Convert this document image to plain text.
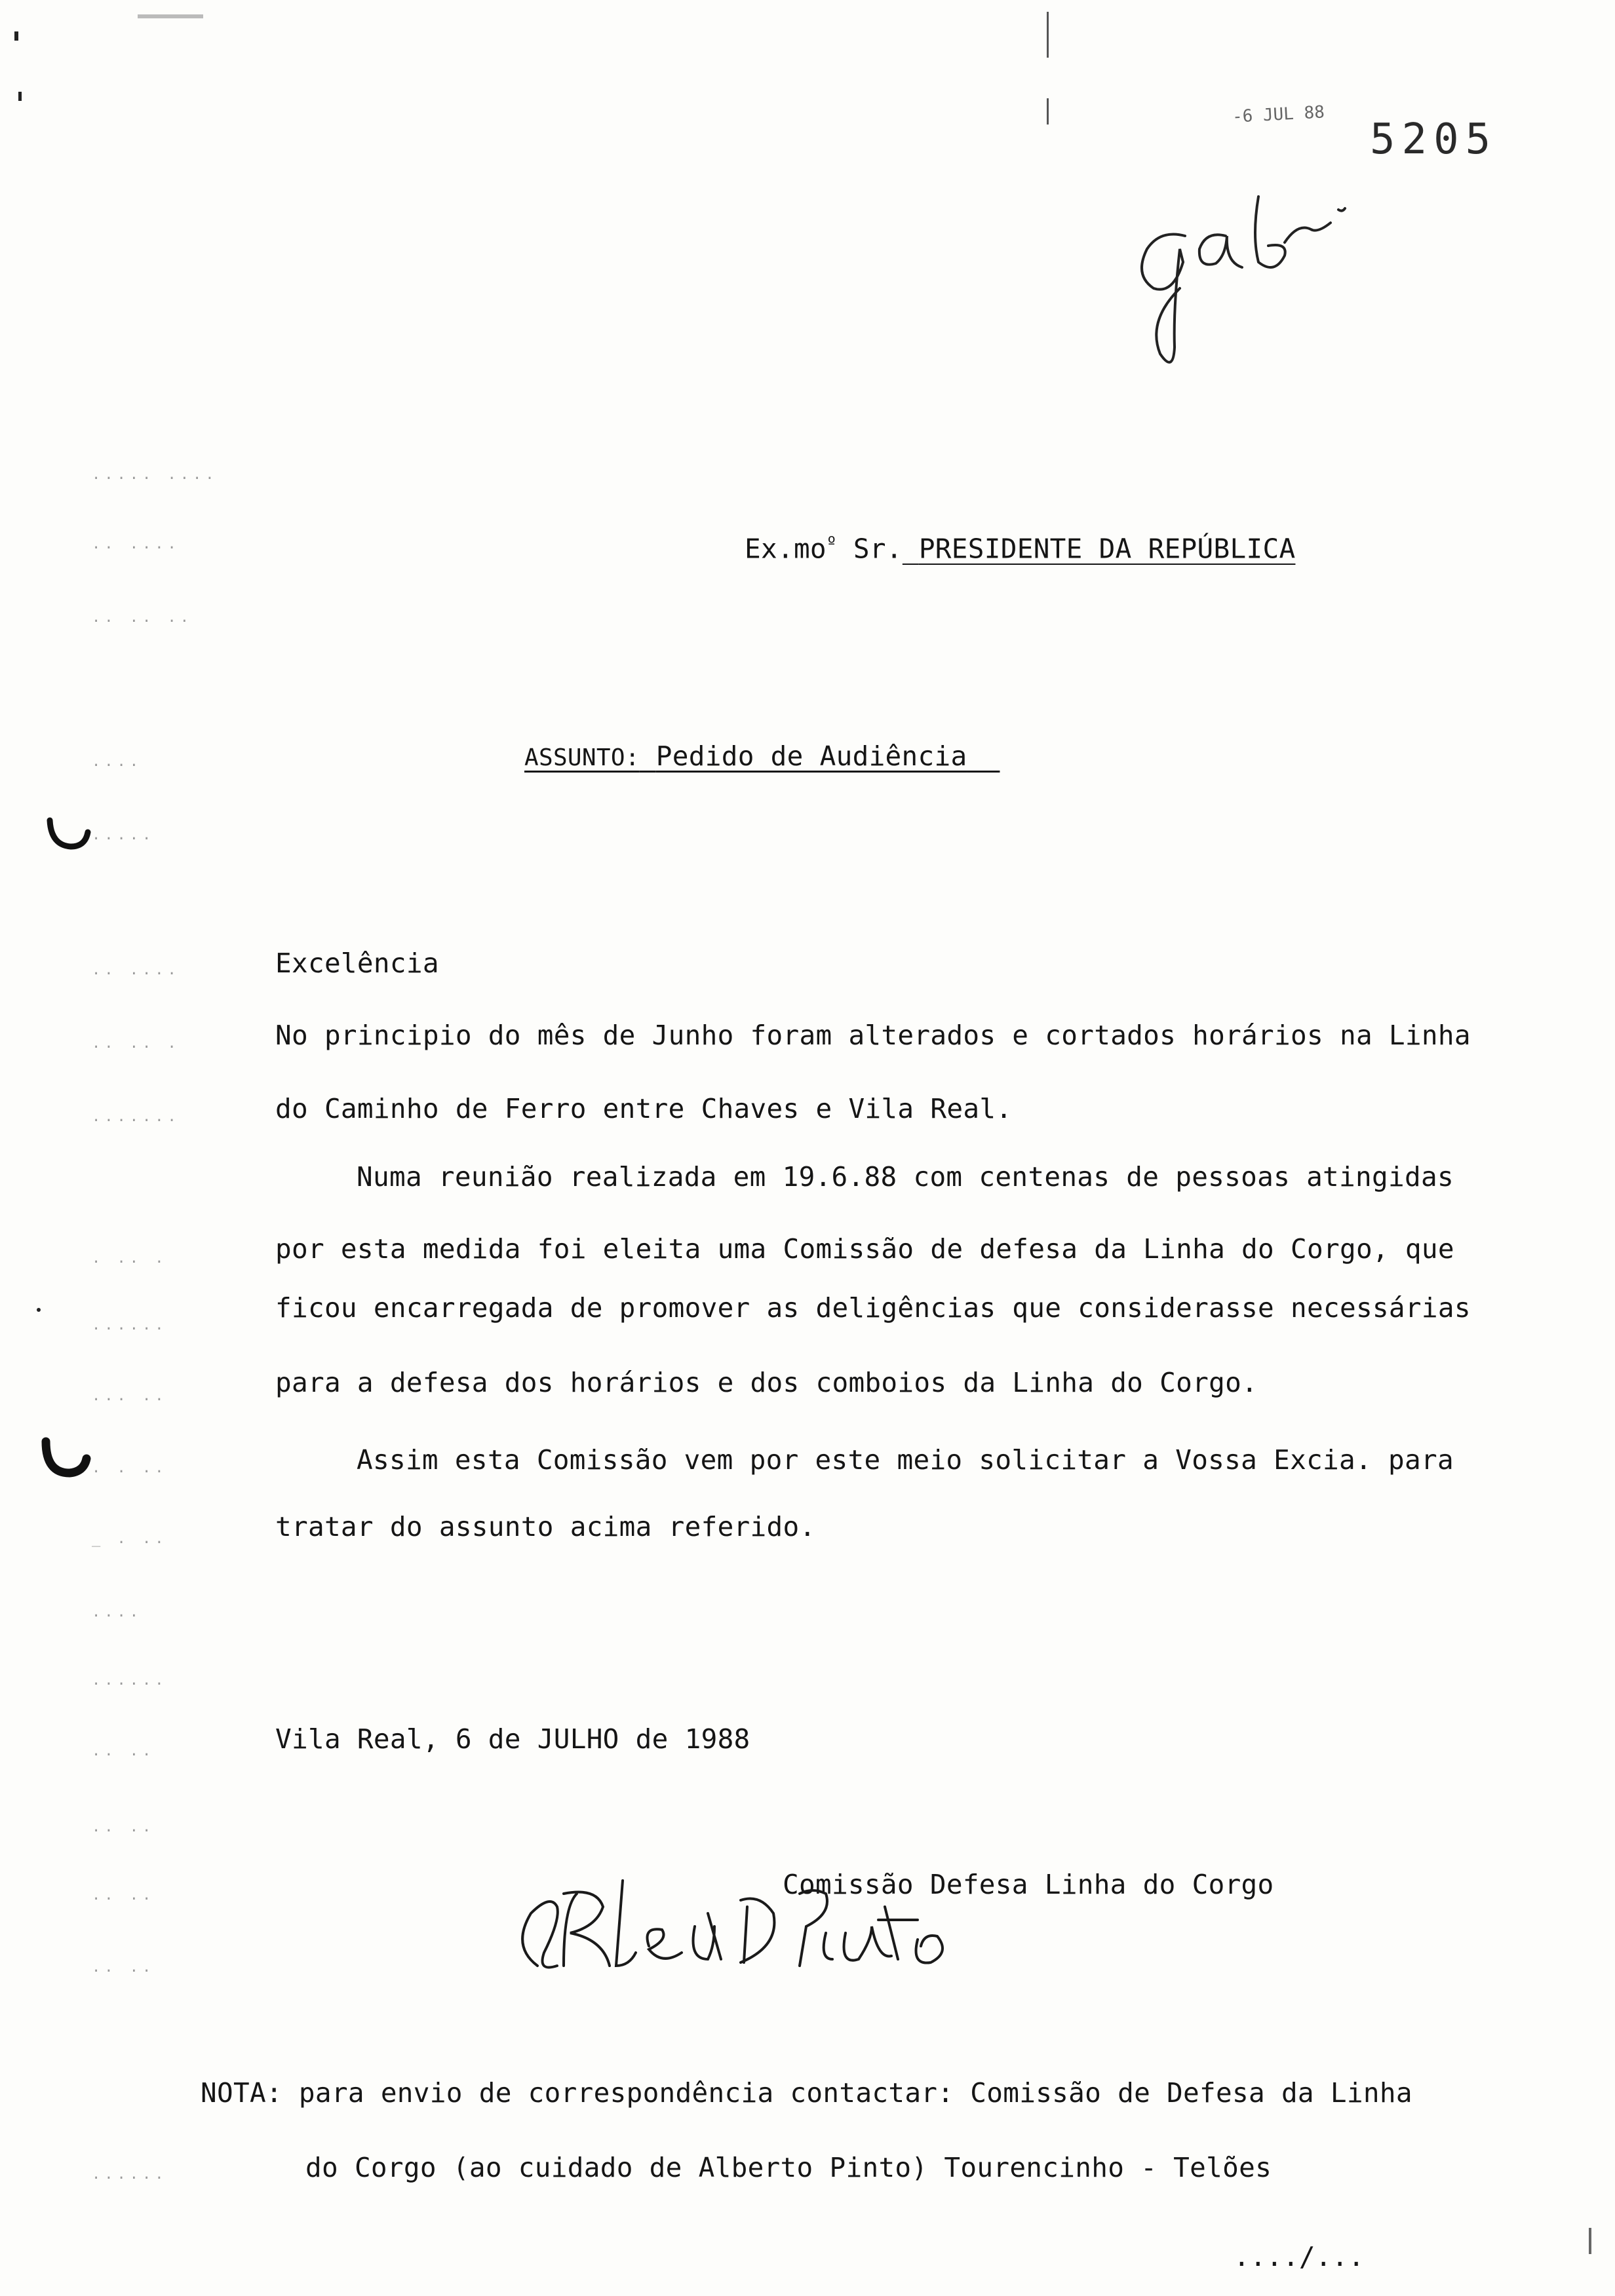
..... ....
.. ....
.. .. ..
....
.....
.. ....
.. .. .
.......
. .. .
......
... ..
. . ..
_ . ..
....
......
.. ..
.. ..
.. ..
.. ..
......
-6 JUL 88
5205
$Ex.mo^º$ Sr. PRESIDENTE DA REPÚBLICA
ASSUNTO: Pedido de Audiência
Excelência
No principio do mês de Junho foram alterados e cortados horários na Linha
do Caminho de Ferro entre Chaves e Vila Real.
Numa reunião realizada em 19.6.88 com centenas de pessoas atingidas
por esta medida foi eleita uma Comissão de defesa da Linha do Corgo, que
ficou encarregada de promover as deligências que considerasse necessárias
para a defesa dos horários e dos comboios da Linha do Corgo.
Assim esta Comissão vem por este meio solicitar a Vossa Excia. para
tratar do assunto acima referido.
Vila Real, 6 de JULHO de 1988
Comissão Defesa Linha do Corgo
NOTA: para envio de correspondência contactar: Comissão de Defesa da Linha
do Corgo (ao cuidado de Alberto Pinto) Tourencinho - Telões
..../...
